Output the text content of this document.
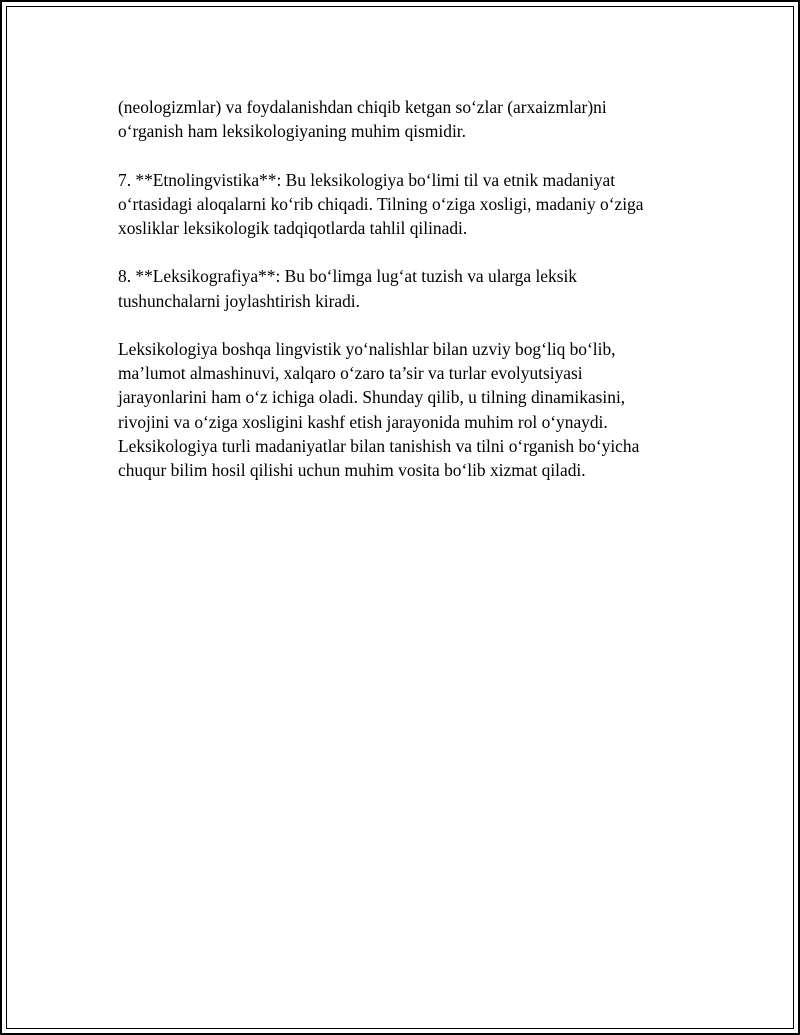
(neologizmlar) va foydalanishdan chiqib ketgan so‘zlar (arxaizmlar)ni
o‘rganish ham leksikologiyaning muhim qismidir.

7. **Etnolingvistika**: Bu leksikologiya bo‘limi til va etnik madaniyat
o‘rtasidagi aloqalarni ko‘rib chiqadi. Tilning o‘ziga xosligi, madaniy o‘ziga
xosliklar leksikologik tadqiqotlarda tahlil qilinadi.

8. **Leksikografiya**: Bu bo‘limga lug‘at tuzish va ularga leksik
tushunchalarni joylashtirish kiradi.

Leksikologiya boshqa lingvistik yo‘nalishlar bilan uzviy bog‘liq bo‘lib,
ma’lumot almashinuvi, xalqaro o‘zaro ta’sir va turlar evolyutsiyasi
jarayonlarini ham o‘z ichiga oladi. Shunday qilib, u tilning dinamikasini,
rivojini va o‘ziga xosligini kashf etish jarayonida muhim rol o‘ynaydi.
Leksikologiya turli madaniyatlar bilan tanishish va tilni o‘rganish bo‘yicha
chuqur bilim hosil qilishi uchun muhim vosita bo‘lib xizmat qiladi.
